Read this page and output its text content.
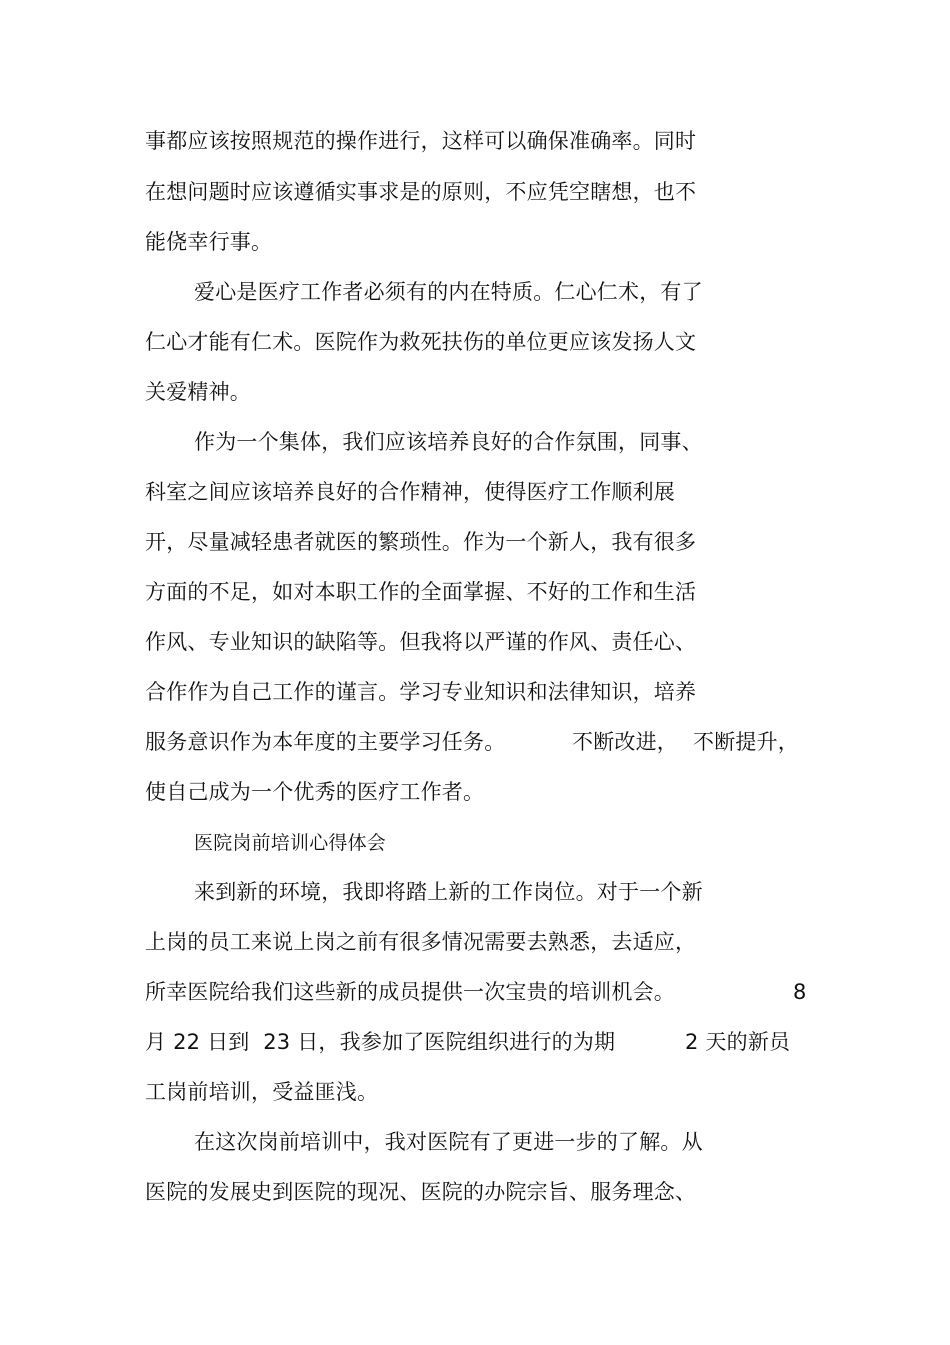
事都应该按照规范的操作进行，这样可以确保准确率。同时
在想问题时应该遵循实事求是的原则，不应凭空瞎想，也不
能侥幸行事。
爱心是医疗工作者必须有的内在特质。仁心仁术，有了
仁心才能有仁术。医院作为救死扶伤的单位更应该发扬人文
关爱精神。
作为一个集体，我们应该培养良好的合作氛围，同事、
科室之间应该培养良好的合作精神，使得医疗工作顺利展
开，尽量减轻患者就医的繁琐性。作为一个新人，我有很多
方面的不足，如对本职工作的全面掌握、不好的工作和生活
作风、专业知识的缺陷等。但我将以严谨的作风、责任心、
合作作为自己工作的谨言。学习专业知识和法律知识，培养

服务意识作为本年度的主要学习任务。

	不断改进，

不断提升，

使自己成为一个优秀的医疗工作者。
医院岗前培训心得体会
来到新的环境，我即将踏上新的工作岗位。对于一个新
上岗的员工来说上岗之前有很多情况需要去熟悉，去适应，

所幸医院给我们这些新的成员提供一次宝贵的培训机会。

	8

月 22 日到  23 日，我参加了医院组织进行的为期

	2 天的新员

工岗前培训，受益匪浅。
在这次岗前培训中，我对医院有了更进一步的了解。从
医院的发展史到医院的现况、医院的办院宗旨、服务理念、
